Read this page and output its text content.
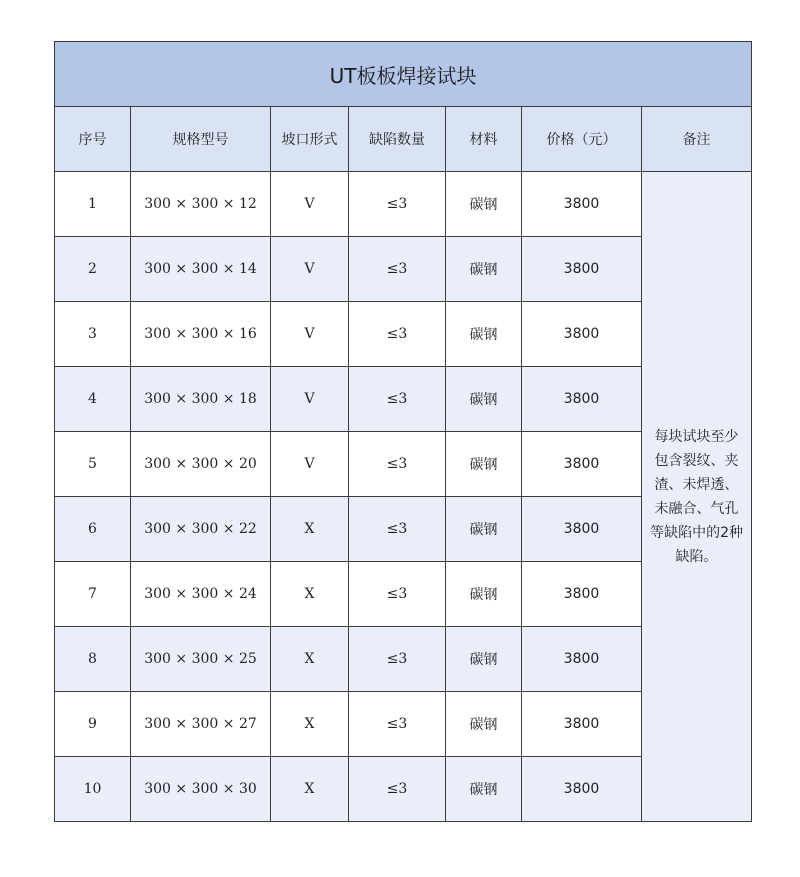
UT板板焊接试块						
序号	规格型号	坡口形式	缺陷数量	材料	价格（元）	备注
1	300 × 300 × 12	V	≤3	碳钢	3800	每块试块至少包含裂纹、夹渣、未焊透、未融合、气孔等缺陷中的2种缺陷。
2	300 × 300 × 14	V	≤3	碳钢	3800	
3	300 × 300 × 16	V	≤3	碳钢	3800	
4	300 × 300 × 18	V	≤3	碳钢	3800	
5	300 × 300 × 20	V	≤3	碳钢	3800	
6	300 × 300 × 22	X	≤3	碳钢	3800	
7	300 × 300 × 24	X	≤3	碳钢	3800	
8	300 × 300 × 25	X	≤3	碳钢	3800	
9	300 × 300 × 27	X	≤3	碳钢	3800	
10	300 × 300 × 30	X	≤3	碳钢	3800	
